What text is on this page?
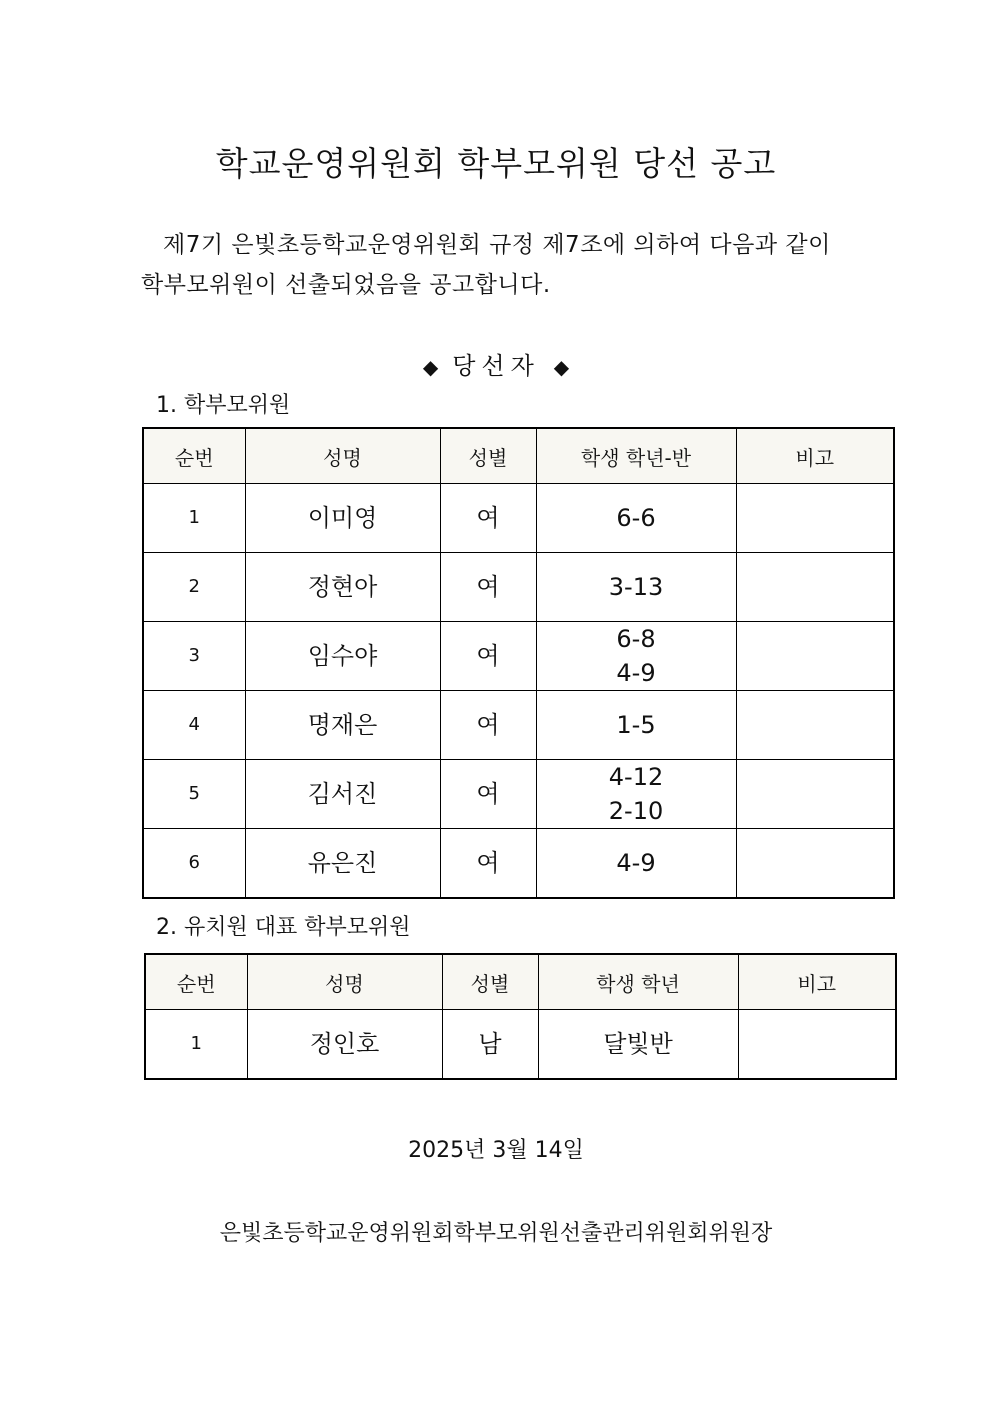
학교운영위원회 학부모위원 당선 공고
제7기 은빛초등학교운영위원회 규정 제7조에 의하여 다음과 같이
학부모위원이 선출되었음을 공고합니다.
◆ 당선자 ◆
1. 학부모위원
순번	성명	성별	학생 학년-반	비고
1	이미영	여	6-6	

2	정현아	여	3-13	

3	임수야	여	6-8
4-9	

4	명재은	여	1-5	

5	김서진	여	4-12
2-10	

6	유은진	여	4-9	

2. 유치원 대표 학부모위원
순번	성명	성별	학생 학년	비고
1	정인호	남	달빛반	
2025년 3월 14일
은빛초등학교운영위원회학부모위원선출관리위원회위원장
